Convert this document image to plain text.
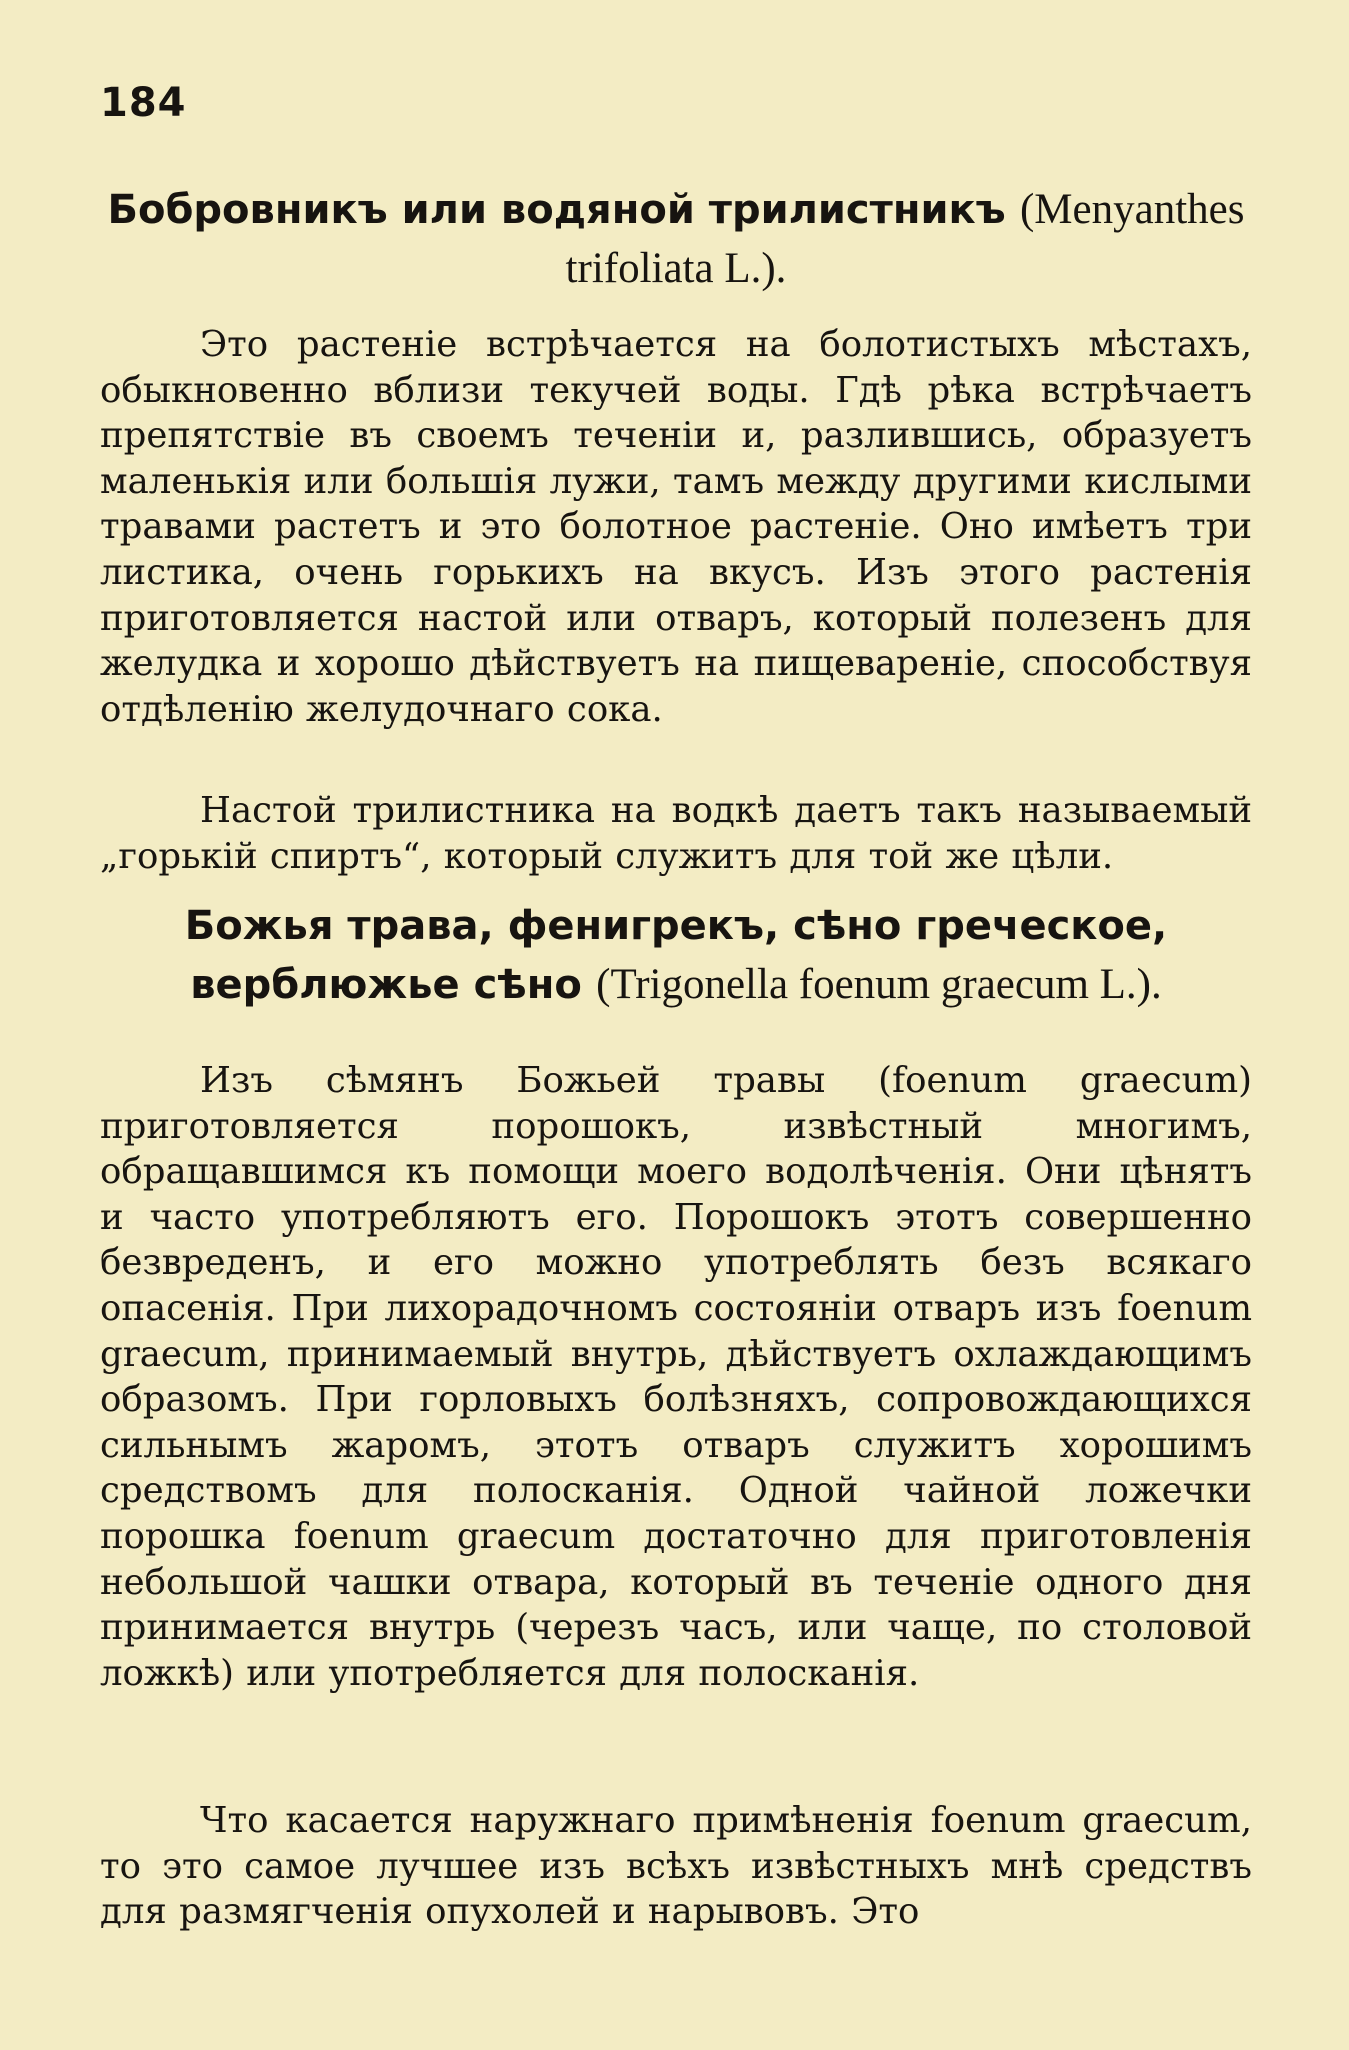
184
Бобровникъ или водяной трилистникъ (Menyanthes trifoliata L.).

Это растеніе встрѣчается на болотистыхъ мѣстахъ, обыкновенно вблизи текучей воды. Гдѣ рѣка встрѣчаетъ препятствіе въ своемъ теченіи и, разлившись, образуетъ маленькія или большія лужи, тамъ между другими кислыми травами растетъ и это болотное растеніе. Оно имѣетъ три листика, очень горькихъ на вкусъ. Изъ этого растенія приготовляется настой или отваръ, который полезенъ для желудка и хорошо дѣйствуетъ на пищевареніе, способствуя отдѣленію желудочнаго сока.

Настой трилистника на водкѣ даетъ такъ называемый „горькій спиртъ“, который служитъ для той же цѣли.

Божья трава, фенигрекъ, сѣно греческое, верблюжье сѣно (Trigonella foenum graecum L.).

Изъ сѣмянъ Божьей травы (foenum graecum) приготовляется порошокъ, извѣстный многимъ, обращавшимся къ помощи моего водолѣченія. Они цѣнятъ и часто употребляютъ его. Порошокъ этотъ совершенно безвреденъ, и его можно употреблять безъ всякаго опасенія. При лихорадочномъ состояніи отваръ изъ foenum graecum, принимаемый внутрь, дѣйствуетъ охлаждающимъ образомъ. При горловыхъ болѣзняхъ, сопровождающихся сильнымъ жаромъ, этотъ отваръ служитъ хорошимъ средствомъ для полосканія. Одной чайной ложечки порошка foenum graecum достаточно для приготовленія небольшой чашки отвара, который въ теченіе одного дня принимается внутрь (черезъ часъ, или чаще, по столовой ложкѣ) или употребляется для полосканія.

Что касается наружнаго примѣненія foenum graecum, то это самое лучшее изъ всѣхъ извѣстныхъ мнѣ средствъ для размягченія опухолей и нарывовъ. Это
